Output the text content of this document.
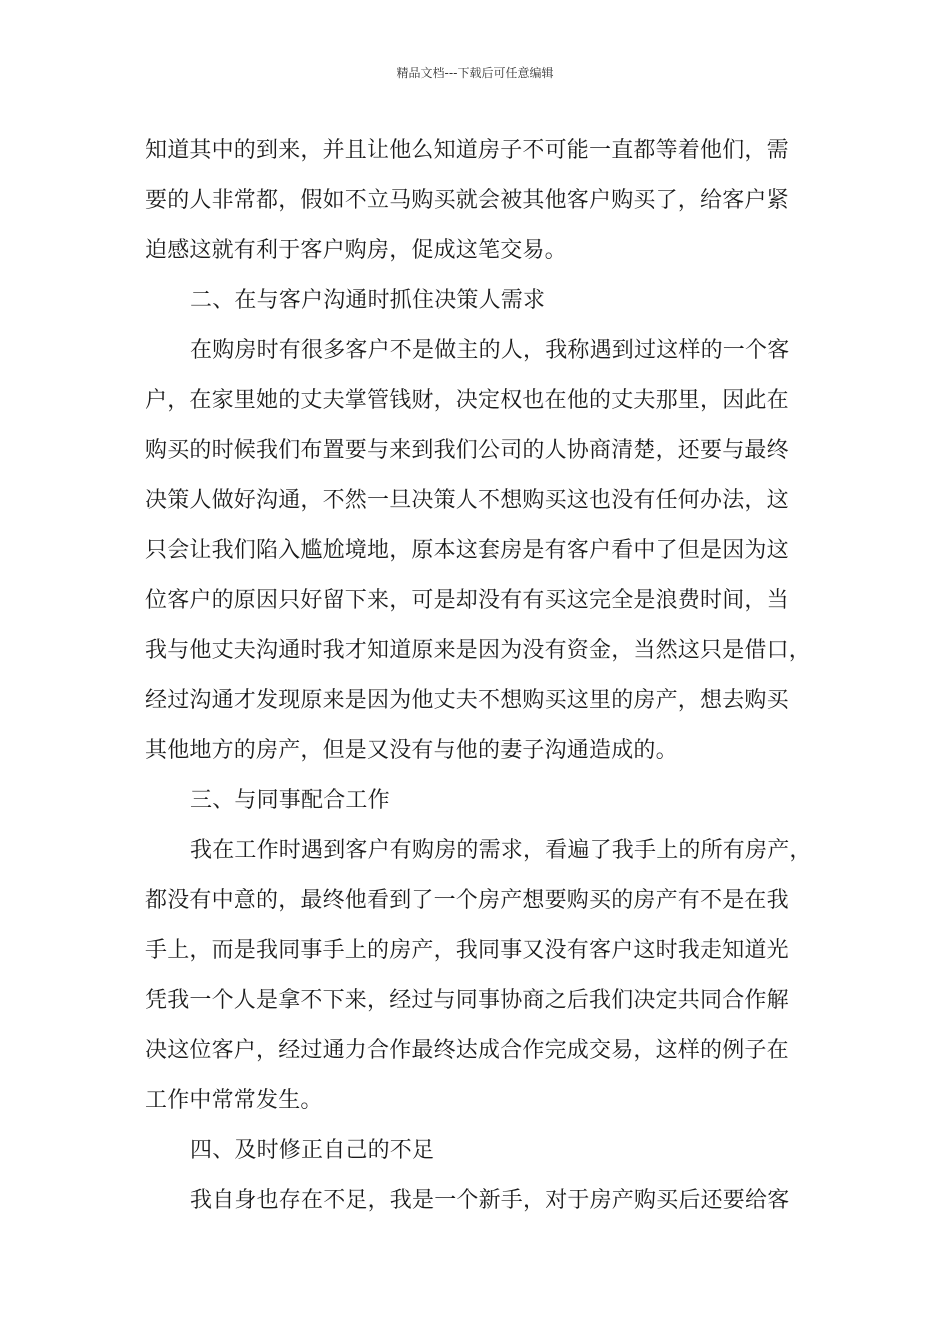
精品文档---下载后可任意编辑
知道其中的到来，并且让他么知道房子不可能一直都等着他们，需
要的人非常都，假如不立马购买就会被其他客户购买了，给客户紧
迫感这就有利于客户购房，促成这笔交易。
二、在与客户沟通时抓住决策人需求
在购房时有很多客户不是做主的人，我称遇到过这样的一个客
户，在家里她的丈夫掌管钱财，决定权也在他的丈夫那里，因此在
购买的时候我们布置要与来到我们公司的人协商清楚，还要与最终
决策人做好沟通，不然一旦决策人不想购买这也没有任何办法，这
只会让我们陷入尴尬境地，原本这套房是有客户看中了但是因为这
位客户的原因只好留下来，可是却没有有买这完全是浪费时间，当
我与他丈夫沟通时我才知道原来是因为没有资金，当然这只是借口，
经过沟通才发现原来是因为他丈夫不想购买这里的房产，想去购买
其他地方的房产，但是又没有与他的妻子沟通造成的。
三、与同事配合工作
我在工作时遇到客户有购房的需求，看遍了我手上的所有房产，
都没有中意的，最终他看到了一个房产想要购买的房产有不是在我
手上，而是我同事手上的房产，我同事又没有客户这时我走知道光
凭我一个人是拿不下来，经过与同事协商之后我们决定共同合作解
决这位客户，经过通力合作最终达成合作完成交易，这样的例子在
工作中常常发生。
四、及时修正自己的不足
我自身也存在不足，我是一个新手，对于房产购买后还要给客
